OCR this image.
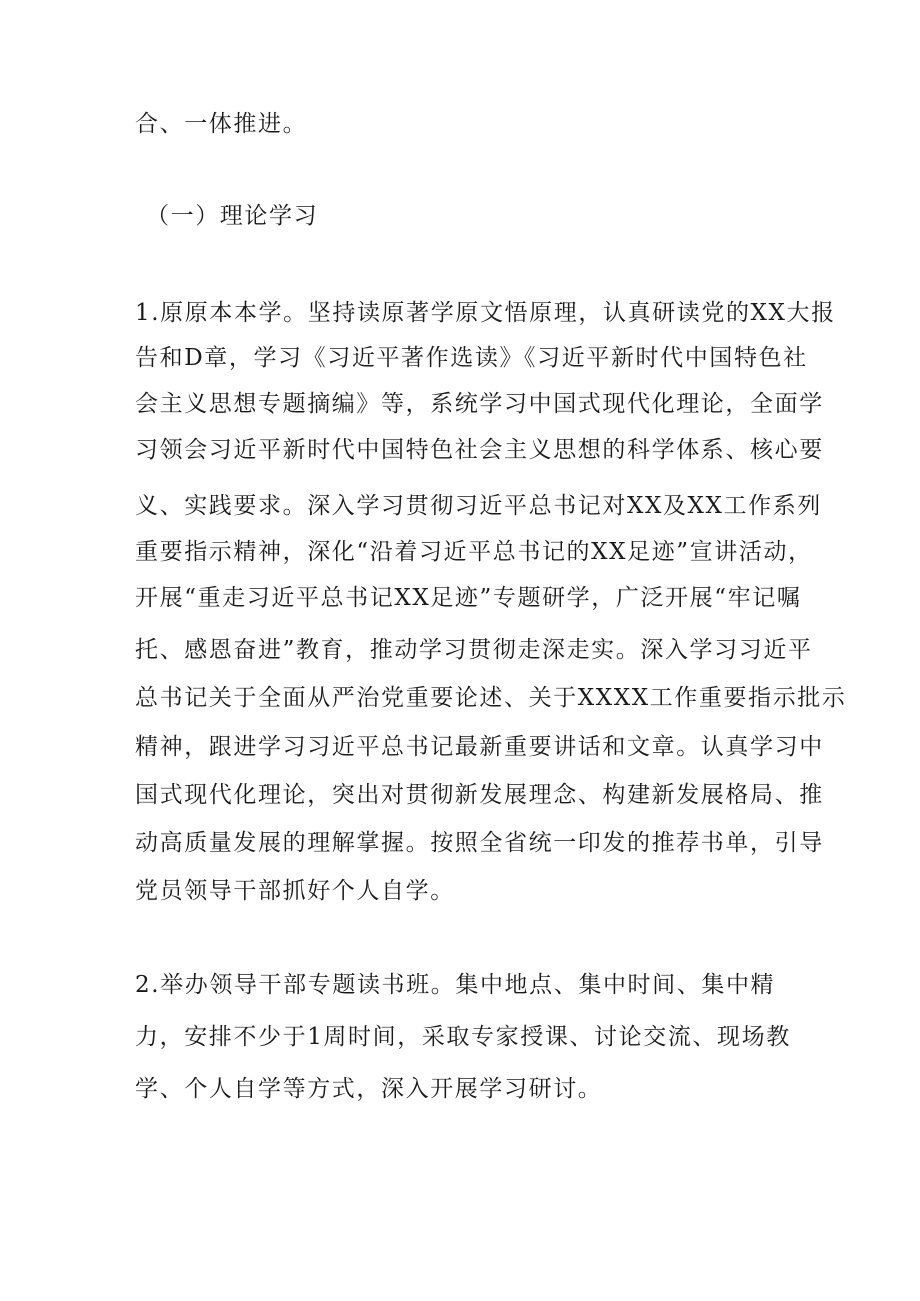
合、一体推进。
（一）理论学习
1.原原本本学。坚持读原著学原文悟原理，认真研读党的XX大报
告和D章，学习《习近平著作选读》《习近平新时代中国特色社
会主义思想专题摘编》等，系统学习中国式现代化理论，全面学
习领会习近平新时代中国特色社会主义思想的科学体系、核心要
义、实践要求。深入学习贯彻习近平总书记对XX及XX工作系列
重要指示精神，深化“沿着习近平总书记的XX足迹”宣讲活动，
开展“重走习近平总书记XX足迹”专题研学，广泛开展“牢记嘱
托、感恩奋进”教育，推动学习贯彻走深走实。深入学习习近平
总书记关于全面从严治党重要论述、关于XXXX工作重要指示批示
精神，跟进学习习近平总书记最新重要讲话和文章。认真学习中
国式现代化理论，突出对贯彻新发展理念、构建新发展格局、推
动高质量发展的理解掌握。按照全省统一印发的推荐书单，引导
党员领导干部抓好个人自学。
2.举办领导干部专题读书班。集中地点、集中时间、集中精
力，安排不少于1周时间，采取专家授课、讨论交流、现场教
学、个人自学等方式，深入开展学习研讨。
